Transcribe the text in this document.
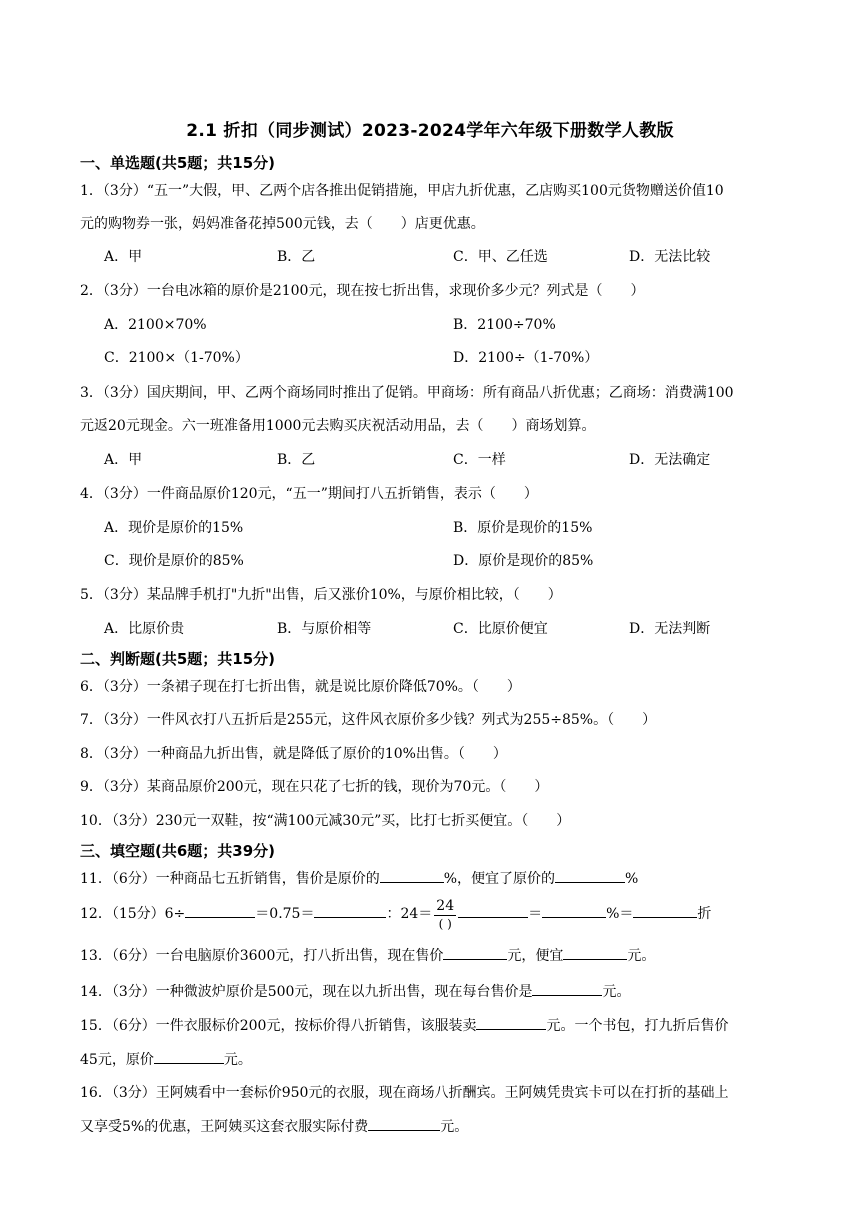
2.1 折扣（同步测试）2023-2024学年六年级下册数学人教版
一、单选题(共5题；共15分)
1．（3分）“五一”大假，甲、乙两个店各推出促销措施，甲店九折优惠，乙店购买100元货物赠送价值10
元的购物券一张，妈妈准备花掉500元钱，去（　　）店更优惠。
A．甲	B．乙	C．甲、乙任选	D．无法比较
2．（3分）一台电冰箱的原价是2100元，现在按七折出售，求现价多少元？列式是（　　）
A．2100×70%	B．2100÷70%
C．2100×（1-70%）	D．2100÷（1-70%）
3．（3分）国庆期间，甲、乙两个商场同时推出了促销。甲商场：所有商品八折优惠；乙商场：消费满100
元返20元现金。六一班准备用1000元去购买庆祝活动用品，去（　　）商场划算。
A．甲	B．乙	C．一样	D．无法确定
4．（3分）一件商品原价120元，“五一”期间打八五折销售，表示（　　）
A．现价是原价的15%	B．原价是现价的15%
C．现价是原价的85%	D．原价是现价的85%
5．（3分）某品牌手机打"九折"出售，后又涨价10%，与原价相比较，（　　）
A．比原价贵	B．与原价相等	C．比原价便宜	D．无法判断
二、判断题(共5题；共15分)
6．（3分）一条裙子现在打七折出售，就是说比原价降低70%。（　　）
7．（3分）一件风衣打八五折后是255元，这件风衣原价多少钱？列式为255÷85%。（　　）
8．（3分）一种商品九折出售，就是降低了原价的10%出售。（　　）
9．（3分）某商品原价200元，现在只花了七折的钱，现价为70元。（　　）
10．（3分）230元一双鞋，按“满100元减30元”买，比打七折买便宜。（　　）
三、填空题(共6题；共39分)
11．（6分）一种商品七五折销售，售价是原价的	%，便宜了原价的	%
12．（15分）6÷	＝0.75＝	：$24= \frac{24}{( )}$	＝	%＝	折
13．（6分）一台电脑原价3600元，打八折出售，现在售价	元，便宜	元。
14．（3分）一种微波炉原价是500元，现在以九折出售，现在每台售价是	元。
15．（6分）一件衣服标价200元，按标价得八折销售，该服装卖	元。一个书包，打九折后售价
45元，原价	元。
16．（3分）王阿姨看中一套标价950元的衣服，现在商场八折酬宾。王阿姨凭贵宾卡可以在打折的基础上
又享受5%的优惠，王阿姨买这套衣服实际付费	元。
